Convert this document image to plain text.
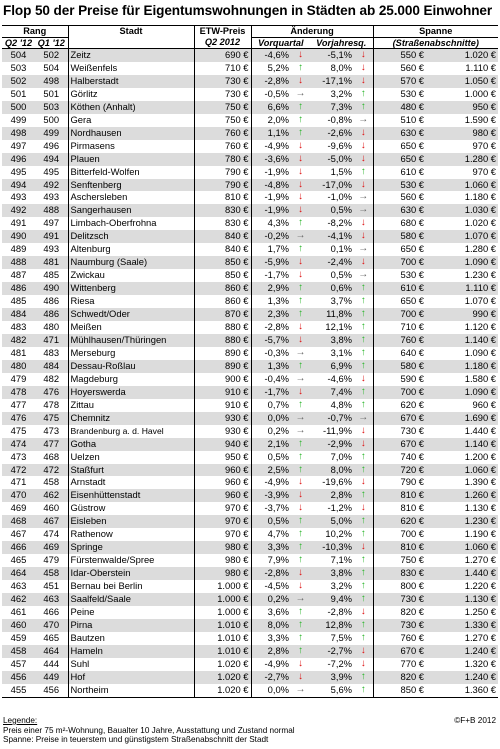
Flop 50 der Preise für Eigentumswohnungen in Städten ab 25.000 Einwohner
Rang		Stadt	ETW-Preis	Änderung				Spanne	
Q2 '12	Q1 '12		Q2 2012	Vorquartal		Vorjahresq.		(Straßenabschnitte)	
504	502	Zeitz	690 €	-4,6%	↓	-5,1%	↓	550 €	1.020 €
503	504	Weißenfels	710 €	5,2%	↑	8,0%	↓	560 €	1.110 €
502	498	Halberstadt	730 €	-2,8%	↓	-17,1%	↓	570 €	1.050 €
501	501	Görlitz	730 €	-0,5%	→	3,2%	↑	530 €	1.000 €
500	503	Köthen (Anhalt)	750 €	6,6%	↑	7,3%	↑	480 €	950 €
499	500	Gera	750 €	2,0%	↑	-0,8%	→	510 €	1.590 €
498	499	Nordhausen	760 €	1,1%	↑	-2,6%	↓	630 €	980 €
497	496	Pirmasens	760 €	-4,9%	↓	-9,6%	↓	650 €	970 €
496	494	Plauen	780 €	-3,6%	↓	-5,0%	↓	650 €	1.280 €
495	495	Bitterfeld-Wolfen	790 €	-1,9%	↓	1,5%	↑	610 €	970 €
494	492	Senftenberg	790 €	-4,8%	↓	-17,0%	↓	530 €	1.060 €
493	493	Aschersleben	810 €	-1,9%	↓	-1,0%	→	560 €	1.180 €
492	488	Sangerhausen	830 €	-1,9%	↓	0,5%	→	630 €	1.030 €
491	497	Limbach-Oberfrohna	830 €	4,3%	↑	-8,2%	↓	680 €	1.020 €
490	491	Delitzsch	840 €	-0,2%	→	-4,1%	↓	580 €	1.070 €
489	493	Altenburg	840 €	1,7%	↑	0,1%	→	650 €	1.280 €
488	481	Naumburg (Saale)	850 €	-5,9%	↓	-2,4%	↓	700 €	1.090 €
487	485	Zwickau	850 €	-1,7%	↓	0,5%	→	530 €	1.230 €
486	490	Wittenberg	860 €	2,9%	↑	0,6%	↑	610 €	1.110 €
485	486	Riesa	860 €	1,3%	↑	3,7%	↑	650 €	1.070 €
484	486	Schwedt/Oder	870 €	2,3%	↑	11,8%	↑	700 €	990 €
483	480	Meißen	880 €	-2,8%	↓	12,1%	↑	710 €	1.120 €
482	471	Mühlhausen/Thüringen	880 €	-5,7%	↓	3,8%	↑	760 €	1.140 €
481	483	Merseburg	890 €	-0,3%	→	3,1%	↑	640 €	1.090 €
480	484	Dessau-Roßlau	890 €	1,3%	↑	6,9%	↑	580 €	1.180 €
479	482	Magdeburg	900 €	-0,4%	→	-4,6%	↓	590 €	1.580 €
478	476	Hoyerswerda	910 €	-1,7%	↓	7,4%	↑	700 €	1.090 €
477	478	Zittau	910 €	0,7%	↑	4,8%	↑	620 €	960 €
476	475	Chemnitz	930 €	0,0%	→	-0,7%	→	670 €	1.690 €
475	473	Brandenburg a. d. Havel	930 €	0,2%	→	-11,9%	↓	730 €	1.440 €
474	477	Gotha	940 €	2,1%	↑	-2,9%	↓	670 €	1.140 €
473	468	Uelzen	950 €	0,5%	↑	7,0%	↑	740 €	1.200 €
472	472	Staßfurt	960 €	2,5%	↑	8,0%	↑	720 €	1.060 €
471	458	Arnstadt	960 €	-4,9%	↓	-19,6%	↓	790 €	1.390 €
470	462	Eisenhüttenstadt	960 €	-3,9%	↓	2,8%	↑	810 €	1.260 €
469	460	Güstrow	970 €	-3,7%	↓	-1,2%	↓	810 €	1.130 €
468	467	Eisleben	970 €	0,5%	↑	5,0%	↑	620 €	1.230 €
467	474	Rathenow	970 €	4,7%	↑	10,2%	↑	700 €	1.190 €
466	469	Springe	980 €	3,3%	↑	-10,3%	↓	810 €	1.060 €
465	479	Fürstenwalde/Spree	980 €	7,9%	↑	7,1%	↑	750 €	1.270 €
464	458	Idar-Oberstein	980 €	-2,8%	↓	3,8%	↑	830 €	1.440 €
463	451	Bernau bei Berlin	1.000 €	-4,5%	↓	3,2%	↑	800 €	1.220 €
462	463	Saalfeld/Saale	1.000 €	0,2%	→	9,4%	↑	730 €	1.130 €
461	466	Peine	1.000 €	3,6%	↑	-2,8%	↓	820 €	1.250 €
460	470	Pirna	1.010 €	8,0%	↑	12,8%	↑	730 €	1.330 €
459	465	Bautzen	1.010 €	3,3%	↑	7,5%	↑	760 €	1.270 €
458	464	Hameln	1.010 €	2,8%	↑	-2,7%	↓	670 €	1.240 €
457	444	Suhl	1.020 €	-4,9%	↓	-7,2%	↓	770 €	1.320 €
456	449	Hof	1.020 €	-2,7%	↓	3,9%	↑	820 €	1.240 €
455	456	Northeim	1.020 €	0,0%	→	5,6%	↑	850 €	1.360 €
Legende:
Preis einer 75 m²-Wohnung, Baualter 10 Jahre, Ausstattung und Zustand normal
Spanne: Preise in teuerstem und günstigstem Straßenabschnitt der Stadt
©F+B 2012
